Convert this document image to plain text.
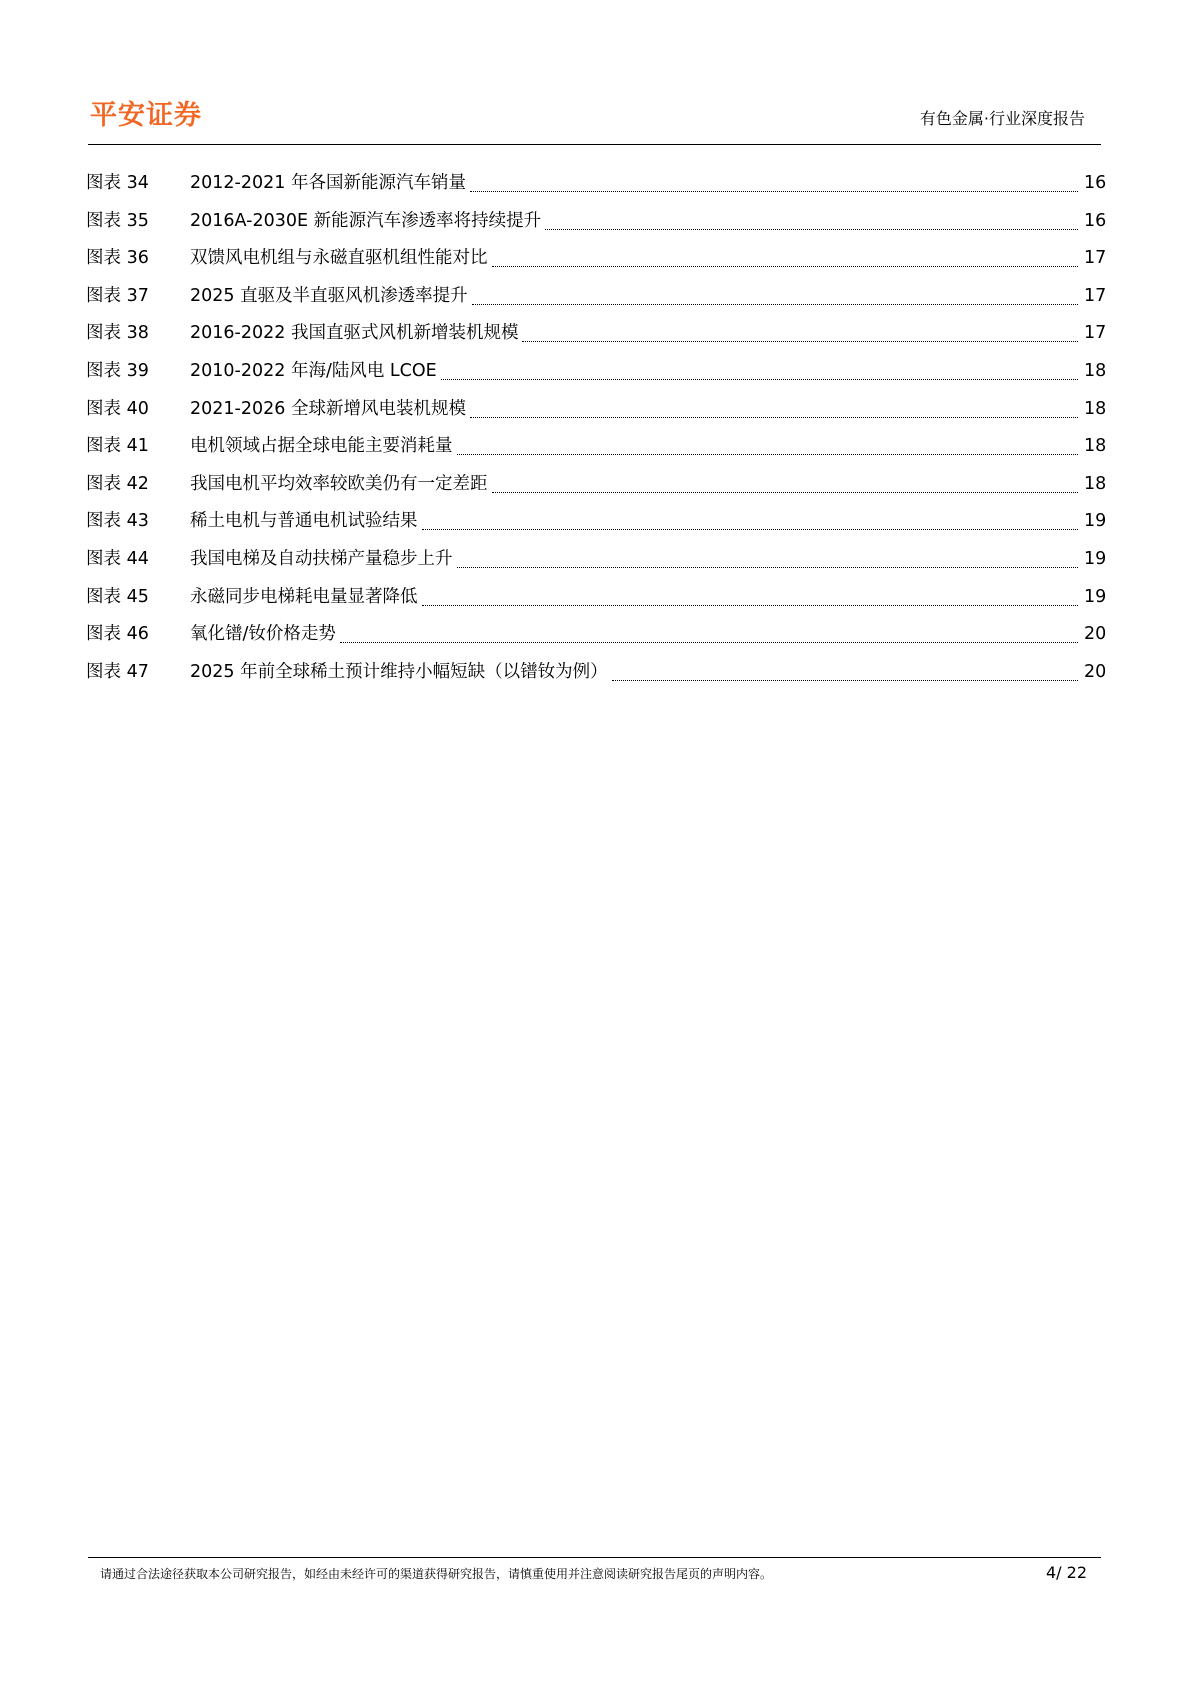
平安证券	有色金属·行业深度报告
图表 34	2012-2021 年各国新能源汽车销量	16
图表 35	2016A-2030E 新能源汽车渗透率将持续提升	16
图表 36	双馈风电机组与永磁直驱机组性能对比	17
图表 37	2025 直驱及半直驱风机渗透率提升	17
图表 38	2016-2022 我国直驱式风机新增装机规模	17
图表 39	2010-2022 年海/陆风电 LCOE	18
图表 40	2021-2026 全球新增风电装机规模	18
图表 41	电机领域占据全球电能主要消耗量	18
图表 42	我国电机平均效率较欧美仍有一定差距	18
图表 43	稀土电机与普通电机试验结果	19
图表 44	我国电梯及自动扶梯产量稳步上升	19
图表 45	永磁同步电梯耗电量显著降低	19
图表 46	氧化镨/钕价格走势	20
图表 47	2025 年前全球稀土预计维持小幅短缺（以镨钕为例）	20
请通过合法途径获取本公司研究报告，如经由未经许可的渠道获得研究报告，请慎重使用并注意阅读研究报告尾页的声明内容。	4/ 22
